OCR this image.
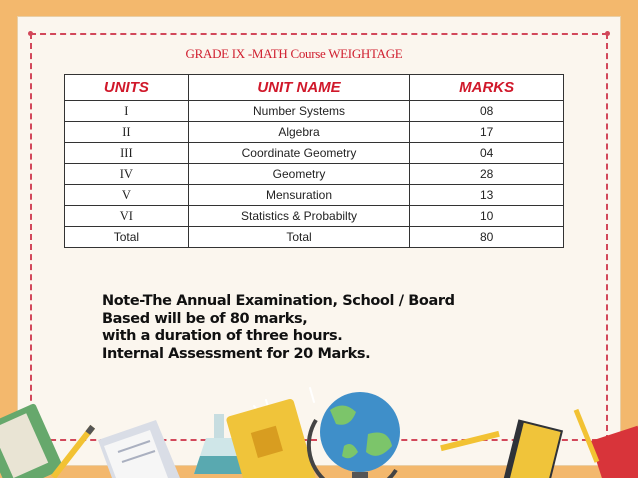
GRADE IX -MATH Course WEIGHTAGE
UNITS	UNIT NAME	MARKS
I	Number Systems	08
II	Algebra	17
III	Coordinate Geometry	04
IV	Geometry	28
V	Mensuration	13
VI	Statistics & Probabilty	10
Total	Total	80
Note-The Annual Examination, School / Board
Based will be of 80 marks,
with a duration of three hours.
Internal Assessment for 20 Marks.
